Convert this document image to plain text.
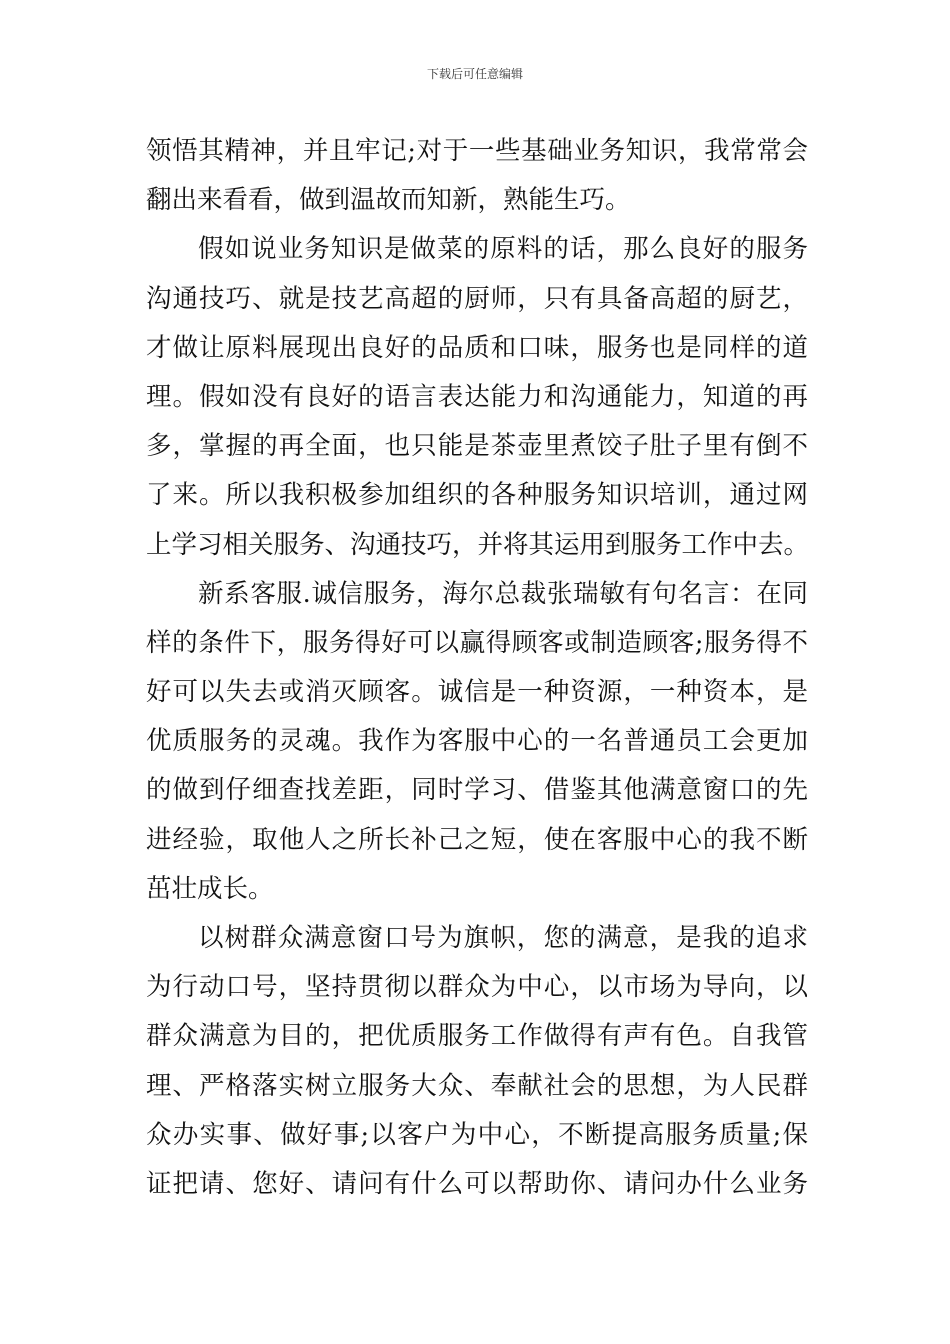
下载后可任意编辑
领悟其精神，并且牢记;对于一些基础业务知识，我常常会
翻出来看看，做到温故而知新，熟能生巧。
假如说业务知识是做菜的原料的话，那么良好的服务
沟通技巧、就是技艺高超的厨师，只有具备高超的厨艺，
才做让原料展现出良好的品质和口味，服务也是同样的道
理。假如没有良好的语言表达能力和沟通能力，知道的再
多，掌握的再全面，也只能是茶壶里煮饺子肚子里有倒不
了来。所以我积极参加组织的各种服务知识培训，通过网
上学习相关服务、沟通技巧，并将其运用到服务工作中去。
新系客服.诚信服务，海尔总裁张瑞敏有句名言：在同
样的条件下，服务得好可以赢得顾客或制造顾客;服务得不
好可以失去或消灭顾客。诚信是一种资源，一种资本，是
优质服务的灵魂。我作为客服中心的一名普通员工会更加
的做到仔细查找差距，同时学习、借鉴其他满意窗口的先
进经验，取他人之所长补己之短，使在客服中心的我不断
茁壮成长。
以树群众满意窗口号为旗帜，您的满意，是我的追求
为行动口号，坚持贯彻以群众为中心，以市场为导向，以
群众满意为目的，把优质服务工作做得有声有色。自我管
理、严格落实树立服务大众、奉献社会的思想，为人民群
众办实事、做好事;以客户为中心，不断提高服务质量;保
证把请、您好、请问有什么可以帮助你、请问办什么业务
